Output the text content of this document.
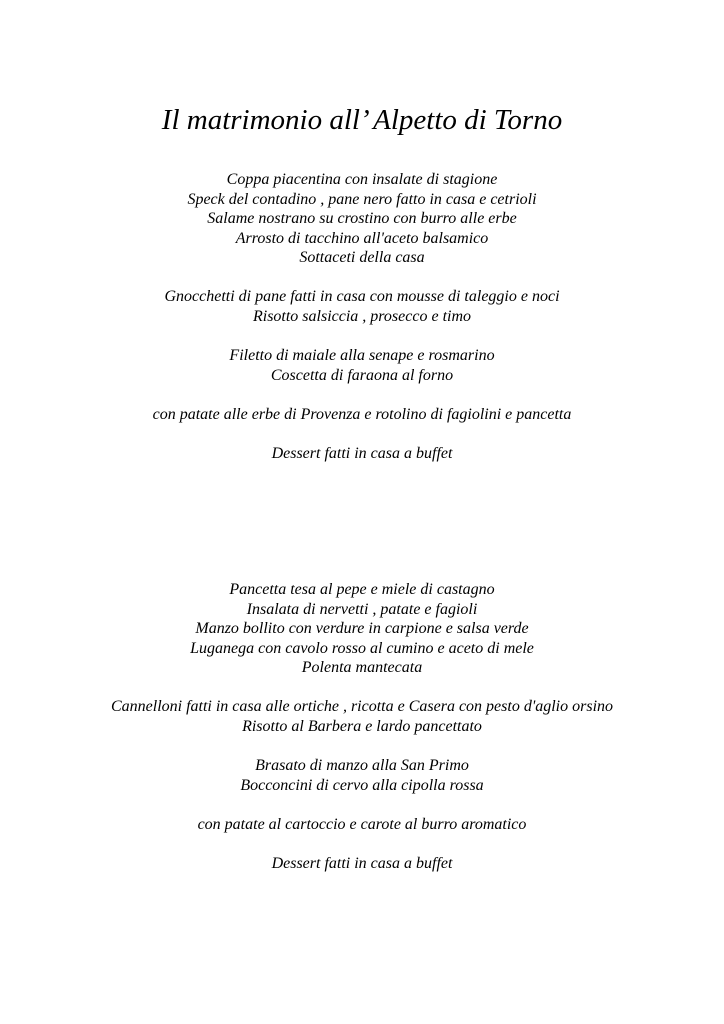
Il matrimonio all’ Alpetto di Torno
Coppa piacentina con insalate di stagione
Speck del contadino , pane nero fatto in casa e cetrioli
Salame nostrano su crostino con burro alle erbe
Arrosto di tacchino all'aceto balsamico
Sottaceti della casa
Gnocchetti di pane fatti in casa con mousse di taleggio e noci
Risotto salsiccia , prosecco e timo
Filetto di maiale alla senape e rosmarino
Coscetta di faraona al forno
con patate alle erbe di Provenza e rotolino di fagiolini e pancetta
Dessert fatti in casa a buffet
Pancetta tesa al pepe e miele di castagno
Insalata di nervetti , patate e fagioli
Manzo bollito con verdure in carpione e salsa verde
Luganega con cavolo rosso al cumino e aceto di mele
Polenta mantecata
Cannelloni fatti in casa alle ortiche , ricotta e Casera con pesto d'aglio orsino
Risotto al Barbera e lardo pancettato
Brasato di manzo alla San Primo
Bocconcini di cervo alla cipolla rossa
con patate al cartoccio e carote al burro aromatico
Dessert fatti in casa a buffet
